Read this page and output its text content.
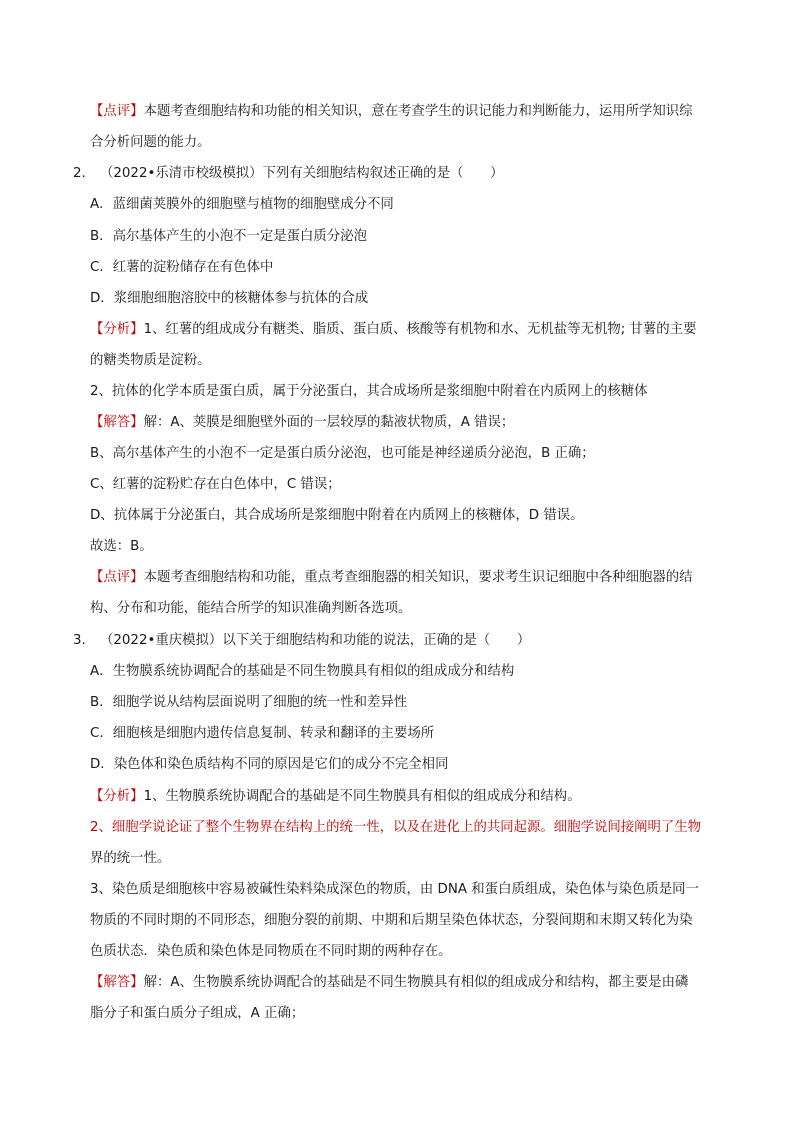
【点评】本题考查细胞结构和功能的相关知识，意在考查学生的识记能力和判断能力，运用所学知识综
合分析问题的能力。
2. （2022•乐清市校级模拟）下列有关细胞结构叙述正确的是（　　）
A．蓝细菌荚膜外的细胞壁与植物的细胞壁成分不同
B．高尔基体产生的小泡不一定是蛋白质分泌泡
C．红薯的淀粉储存在有色体中
D．浆细胞细胞溶胶中的核糖体参与抗体的合成
【分析】1、红薯的组成成分有糖类、脂质、蛋白质、核酸等有机物和水、无机盐等无机物; 甘薯的主要
的糖类物质是淀粉。
2、抗体的化学本质是蛋白质，属于分泌蛋白，其合成场所是浆细胞中附着在内质网上的核糖体
【解答】解：A、荚膜是细胞壁外面的一层较厚的黏液状物质，A 错误；
B、高尔基体产生的小泡不一定是蛋白质分泌泡，也可能是神经递质分泌泡，B 正确；
C、红薯的淀粉贮存在白色体中，C 错误；
D、抗体属于分泌蛋白，其合成场所是浆细胞中附着在内质网上的核糖体，D 错误。
故选：B。
【点评】本题考查细胞结构和功能，重点考查细胞器的相关知识，要求考生识记细胞中各种细胞器的结
构、分布和功能，能结合所学的知识准确判断各选项。
3. （2022•重庆模拟）以下关于细胞结构和功能的说法，正确的是（　　）
A．生物膜系统协调配合的基础是不同生物膜具有相似的组成成分和结构
B．细胞学说从结构层面说明了细胞的统一性和差异性
C．细胞核是细胞内遗传信息复制、转录和翻译的主要场所
D．染色体和染色质结构不同的原因是它们的成分不完全相同
【分析】1、生物膜系统协调配合的基础是不同生物膜具有相似的组成成分和结构。
2、细胞学说论证了整个生物界在结构上的统一性，以及在进化上的共同起源。细胞学说间接阐明了生物
界的统一性。
3、染色质是细胞核中容易被碱性染料染成深色的物质，由 DNA 和蛋白质组成，染色体与染色质是同一
物质的不同时期的不同形态，细胞分裂的前期、中期和后期呈染色体状态，分裂间期和末期又转化为染
色质状态．染色质和染色体是同物质在不同时期的两种存在。
【解答】解：A、生物膜系统协调配合的基础是不同生物膜具有相似的组成成分和结构，都主要是由磷
脂分子和蛋白质分子组成，A 正确；
